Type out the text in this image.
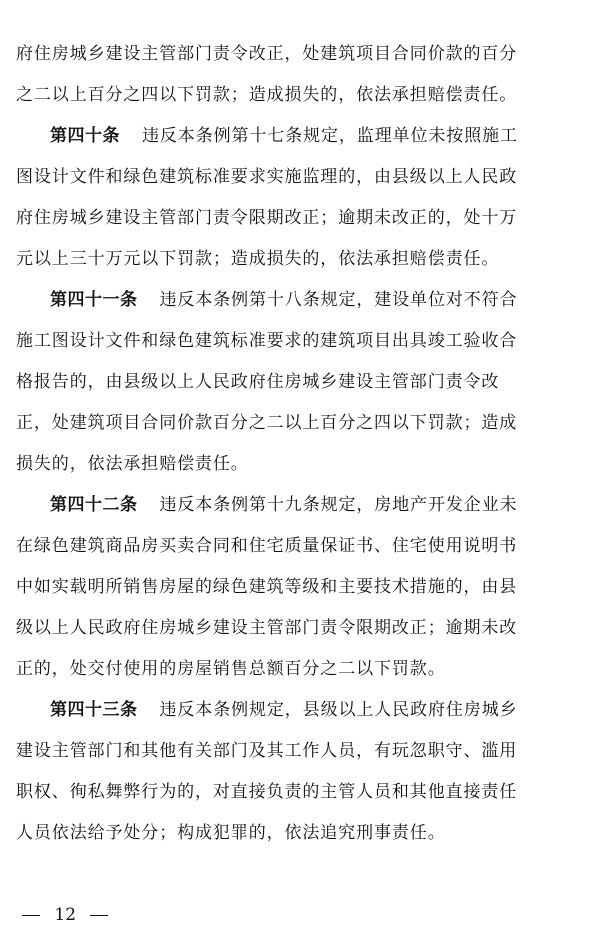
府住房城乡建设主管部门责令改正，处建筑项目合同价款的百分
之二以上百分之四以下罚款；造成损失的，依法承担赔偿责任。
第四十条 违反本条例第十七条规定，监理单位未按照施工
图设计文件和绿色建筑标准要求实施监理的，由县级以上人民政
府住房城乡建设主管部门责令限期改正；逾期未改正的，处十万
元以上三十万元以下罚款；造成损失的，依法承担赔偿责任。
第四十一条 违反本条例第十八条规定，建设单位对不符合
施工图设计文件和绿色建筑标准要求的建筑项目出具竣工验收合
格报告的，由县级以上人民政府住房城乡建设主管部门责令改
正，处建筑项目合同价款百分之二以上百分之四以下罚款；造成
损失的，依法承担赔偿责任。
第四十二条 违反本条例第十九条规定，房地产开发企业未
在绿色建筑商品房买卖合同和住宅质量保证书、住宅使用说明书
中如实载明所销售房屋的绿色建筑等级和主要技术措施的，由县
级以上人民政府住房城乡建设主管部门责令限期改正；逾期未改
正的，处交付使用的房屋销售总额百分之二以下罚款。
第四十三条 违反本条例规定，县级以上人民政府住房城乡
建设主管部门和其他有关部门及其工作人员，有玩忽职守、滥用
职权、徇私舞弊行为的，对直接负责的主管人员和其他直接责任
人员依法给予处分；构成犯罪的，依法追究刑事责任。
12
